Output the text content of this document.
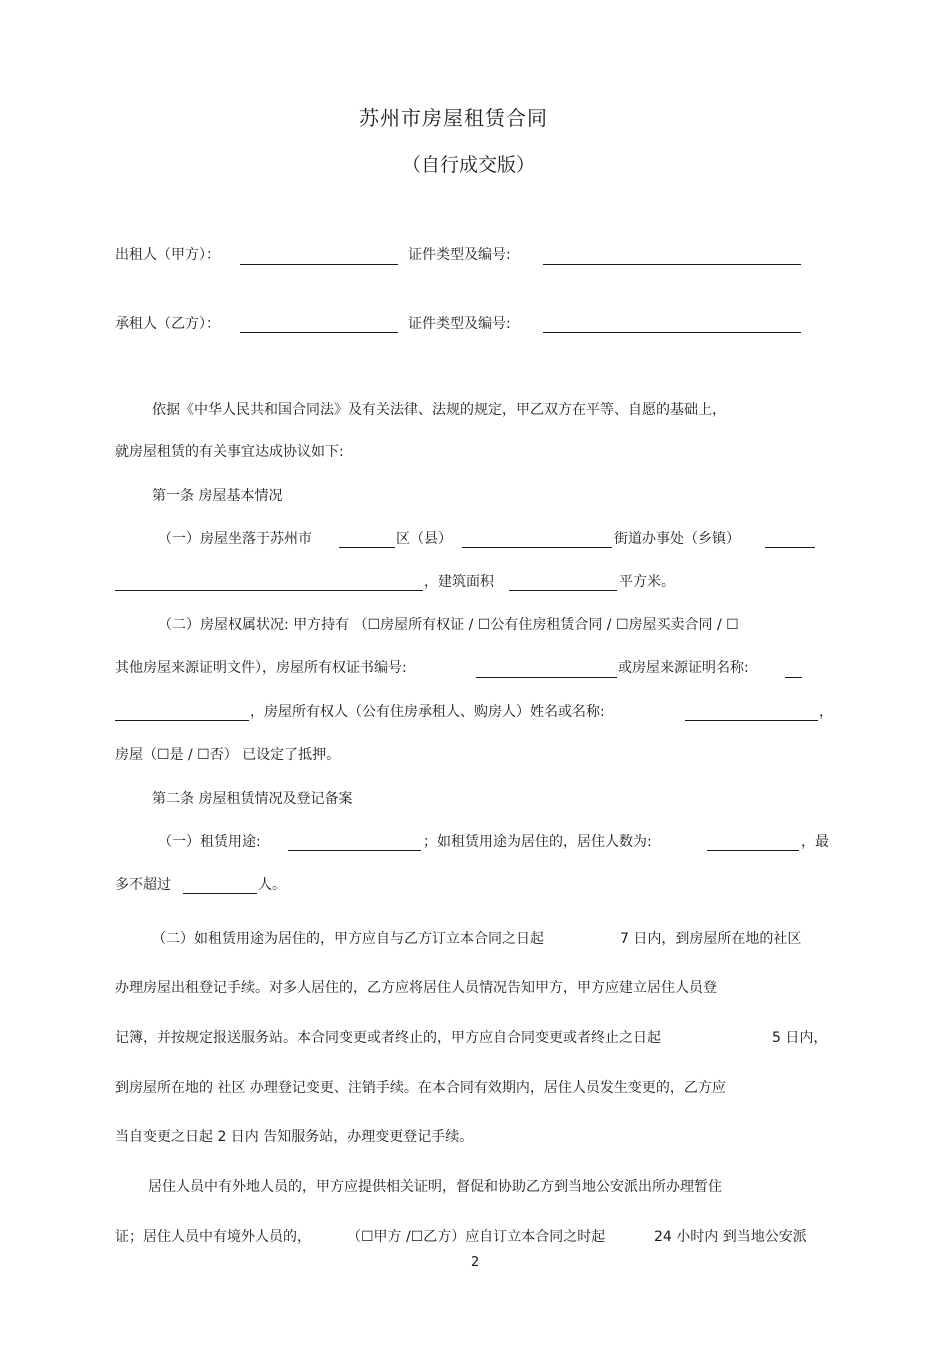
苏州市房屋租赁合同
（自行成交版）
出租人（甲方）：	证件类型及编号:
承租人（乙方）：	证件类型及编号:
依据《中华人民共和国合同法》及有关法律、法规的规定，甲乙双方在平等、自愿的基础上，
就房屋租赁的有关事宜达成协议如下:
第一条 房屋基本情况
（一）房屋坐落于苏州市	区（县）	街道办事处（乡镇）
，建筑面积	平方米。
（二）房屋权属状况: 甲方持有 （☐房屋所有权证 / ☐公有住房租赁合同 / ☐房屋买卖合同 / ☐
其他房屋来源证明文件），房屋所有权证书编号:	或房屋来源证明名称:
，房屋所有权人（公有住房承租人、购房人）姓名或名称:	，
房屋（☐是 / ☐否） 已设定了抵押。
第二条 房屋租赁情况及登记备案
（一）租赁用途:	；如租赁用途为居住的，居住人数为:	，最
多不超过	人。
（二）如租赁用途为居住的，甲方应自与乙方订立本合同之日起	7 日内，到房屋所在地的社区
办理房屋出租登记手续。对多人居住的，乙方应将居住人员情况告知甲方，甲方应建立居住人员登
记簿，并按规定报送服务站。本合同变更或者终止的，甲方应自合同变更或者终止之日起	5 日内，
到房屋所在地的 社区 办理登记变更、注销手续。在本合同有效期内，居住人员发生变更的，乙方应
当自变更之日起 2 日内 告知服务站，办理变更登记手续。
居住人员中有外地人员的，甲方应提供相关证明，督促和协助乙方到当地公安派出所办理暂住
证；居住人员中有境外人员的，	（☐甲方 /☐乙方）应自订立本合同之时起	24 小时内 到当地公安派
2
